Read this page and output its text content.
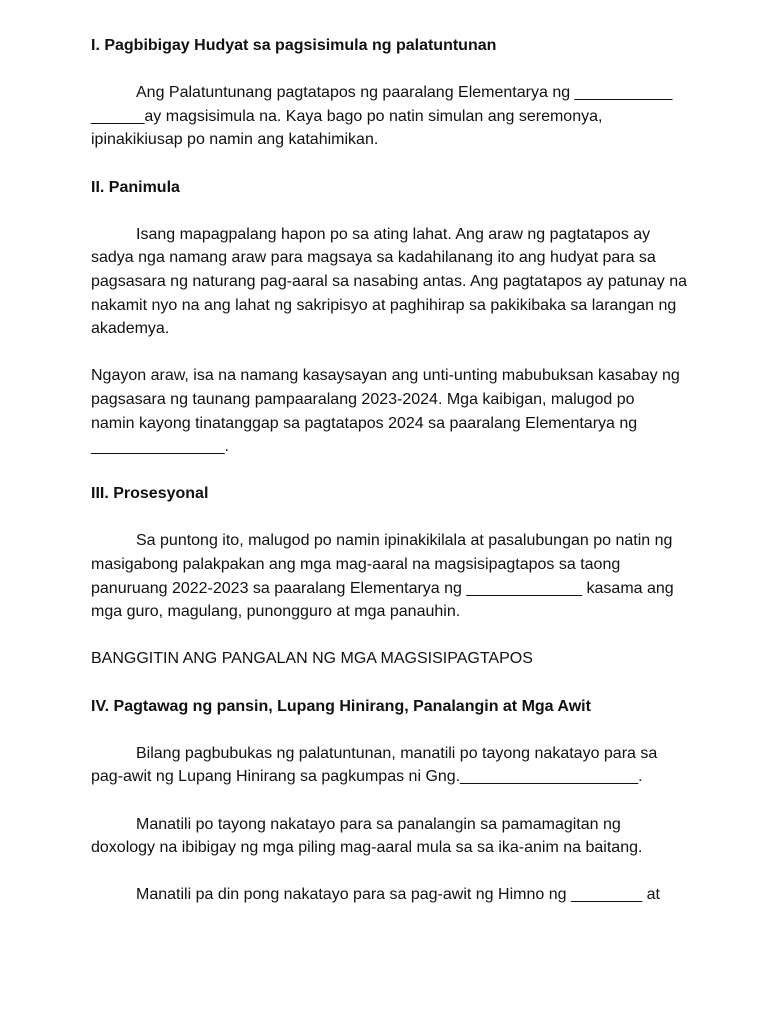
I. Pagbibigay Hudyat sa pagsisimula ng palatuntunan

Ang Palatuntunang pagtatapos ng paaralang Elementarya ng ___________

______ay magsisimula na. Kaya bago po natin simulan ang seremonya,

ipinakikiusap po namin ang katahimikan.

II. Panimula

Isang mapagpalang hapon po sa ating lahat. Ang araw ng pagtatapos ay

sadya nga namang araw para magsaya sa kadahilanang ito ang hudyat para sa

pagsasara ng naturang pag-aaral sa nasabing antas. Ang pagtatapos ay patunay na

nakamit nyo na ang lahat ng sakripisyo at paghihirap sa pakikibaka sa larangan ng

akademya.

Ngayon araw, isa na namang kasaysayan ang unti-unting mabubuksan kasabay ng

pagsasara ng taunang pampaaralang 2023-2024. Mga kaibigan, malugod po

namin kayong tinatanggap sa pagtatapos 2024 sa paaralang Elementarya ng

_______________.

III. Prosesyonal

Sa puntong ito, malugod po namin ipinakikilala at pasalubungan po natin ng

masigabong palakpakan ang mga mag-aaral na magsisipagtapos sa taong

panuruang 2022-2023 sa paaralang Elementarya ng _____________ kasama ang

mga guro, magulang, punongguro at mga panauhin.

BANGGITIN ANG PANGALAN NG MGA MAGSISIPAGTAPOS

IV. Pagtawag ng pansin, Lupang Hinirang, Panalangin at Mga Awit

Bilang pagbubukas ng palatuntunan, manatili po tayong nakatayo para sa

pag-awit ng Lupang Hinirang sa pagkumpas ni Gng.____________________.

Manatili po tayong nakatayo para sa panalangin sa pamamagitan ng

doxology na ibibigay ng mga piling mag-aaral mula sa sa ika-anim na baitang.

Manatili pa din pong nakatayo para sa pag-awit ng Himno ng ________ at
